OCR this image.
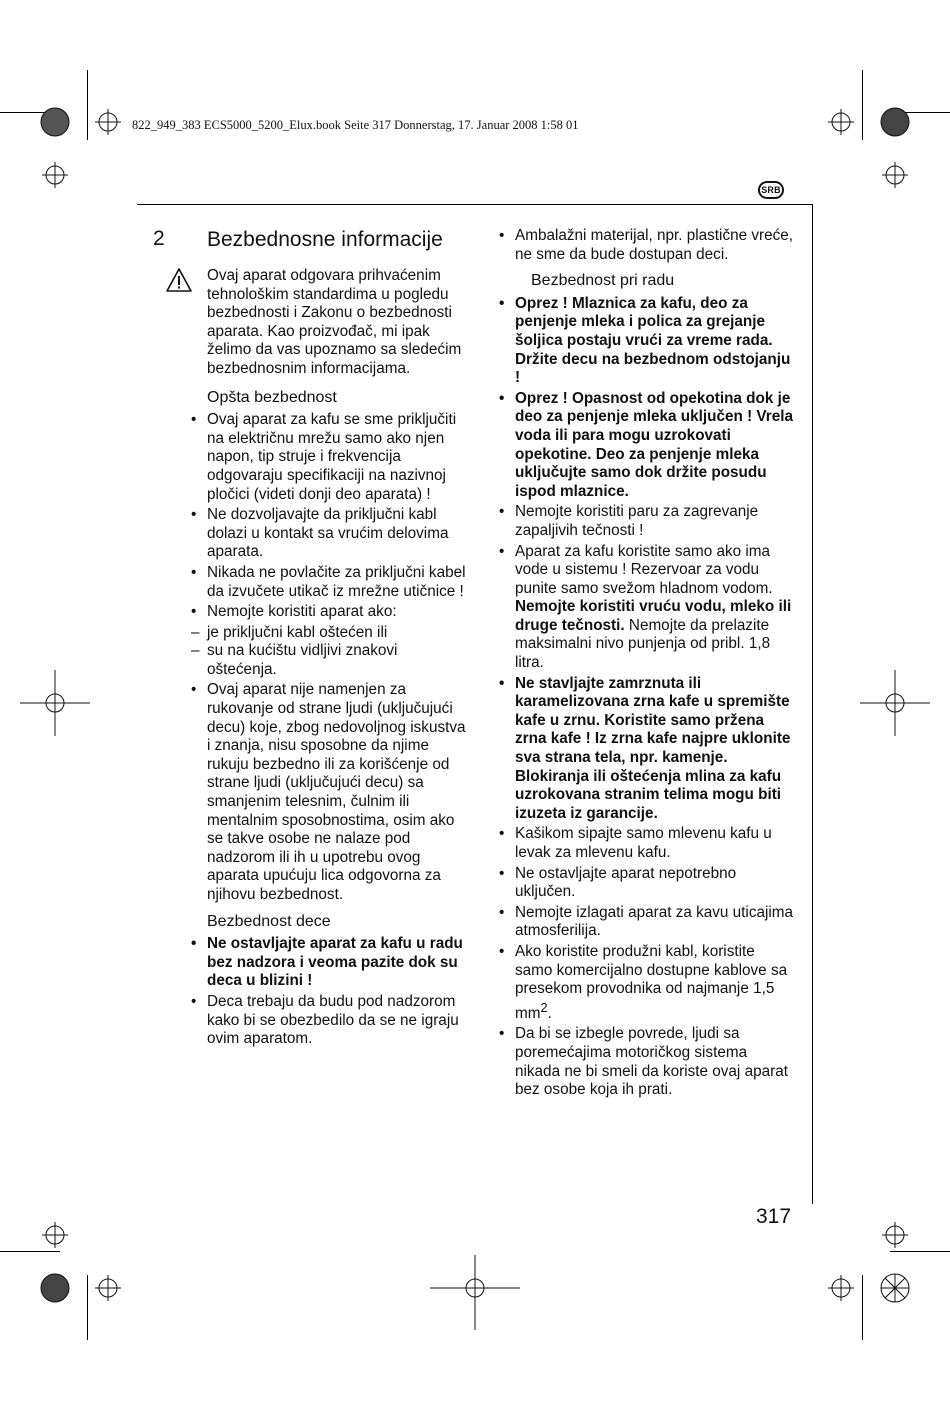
822_949_383 ECS5000_5200_Elux.book Seite 317 Donnerstag, 17. Januar 2008 1:58 01
SRB
2 Bezbednosne informacije

Ovaj aparat odgovara prihvaćenim tehnološkim standardima u pogledu bezbednosti i Zakonu o bezbednosti aparata. Kao proizvođač, mi ipak želimo da vas upoznamo sa sledećim bezbednosnim informacijama.

Opšta bezbednost
• Ovaj aparat za kafu se sme priključiti na električnu mrežu samo ako njen napon, tip struje i frekvencija odgovaraju specifikaciji na nazivnoj pločici (videti donji deo aparata) !
• Ne dozvoljavajte da priključni kabl dolazi u kontakt sa vrućim delovima aparata.
• Nikada ne povlačite za priključni kabel da izvučete utikač iz mrežne utičnice !
• Nemojte koristiti aparat ako:
– je priključni kabl oštećen ili
– su na kućištu vidljivi znakovi oštećenja.
• Ovaj aparat nije namenjen za rukovanje od strane ljudi (uključujući decu) koje, zbog nedovoljnog iskustva i znanja, nisu sposobne da njime rukuju bezbedno ili za korišćenje od strane ljudi (uključujući decu) sa smanjenim telesnim, čulnim ili mentalnim sposobnostima, osim ako se takve osobe ne nalaze pod nadzorom ili ih u upotrebu ovog aparata upućuju lica odgovorna za njihovu bezbednost.
Bezbednost dece
• Ne ostavljajte aparat za kafu u radu bez nadzora i veoma pazite dok su deca u blizini !
• Deca trebaju da budu pod nadzorom kako bi se obezbedilo da se ne igraju ovim aparatom.
• Ambalažni materijal, npr. plastične vreće, ne sme da bude dostupan deci.
Bezbednost pri radu
• Oprez ! Mlaznica za kafu, deo za penjenje mleka i polica za grejanje šoljica postaju vrući za vreme rada. Držite decu na bezbednom odstojanju !
• Oprez ! Opasnost od opekotina dok je deo za penjenje mleka uključen ! Vrela voda ili para mogu uzrokovati opekotine. Deo za penjenje mleka uključujte samo dok držite posudu ispod mlaznice.
• Nemojte koristiti paru za zagrevanje zapaljivih tečnosti !
• Aparat za kafu koristite samo ako ima vode u sistemu ! Rezervoar za vodu punite samo svežom hladnom vodom. Nemojte koristiti vruću vodu, mleko ili druge tečnosti. Nemojte da prelazite maksimalni nivo punjenja od pribl. 1,8 litra.
• Ne stavljajte zamrznuta ili karamelizovana zrna kafe u spremište kafe u zrnu. Koristite samo pržena zrna kafe ! Iz zrna kafe najpre uklonite sva strana tela, npr. kamenje. Blokiranja ili oštećenja mlina za kafu uzrokovana stranim telima mogu biti izuzeta iz garancije.
• Kašikom sipajte samo mlevenu kafu u levak za mlevenu kafu.
• Ne ostavljajte aparat nepotrebno uključen.
• Nemojte izlagati aparat za kavu uticajima atmosferilija.
• Ako koristite produžni kabl, koristite samo komercijalno dostupne kablove sa presekom provodnika od najmanje 1,5 $mm^2$.
• Da bi se izbegle povrede, ljudi sa poremećajima motoričkog sistema nikada ne bi smeli da koriste ovaj aparat bez osobe koja ih prati.
317
